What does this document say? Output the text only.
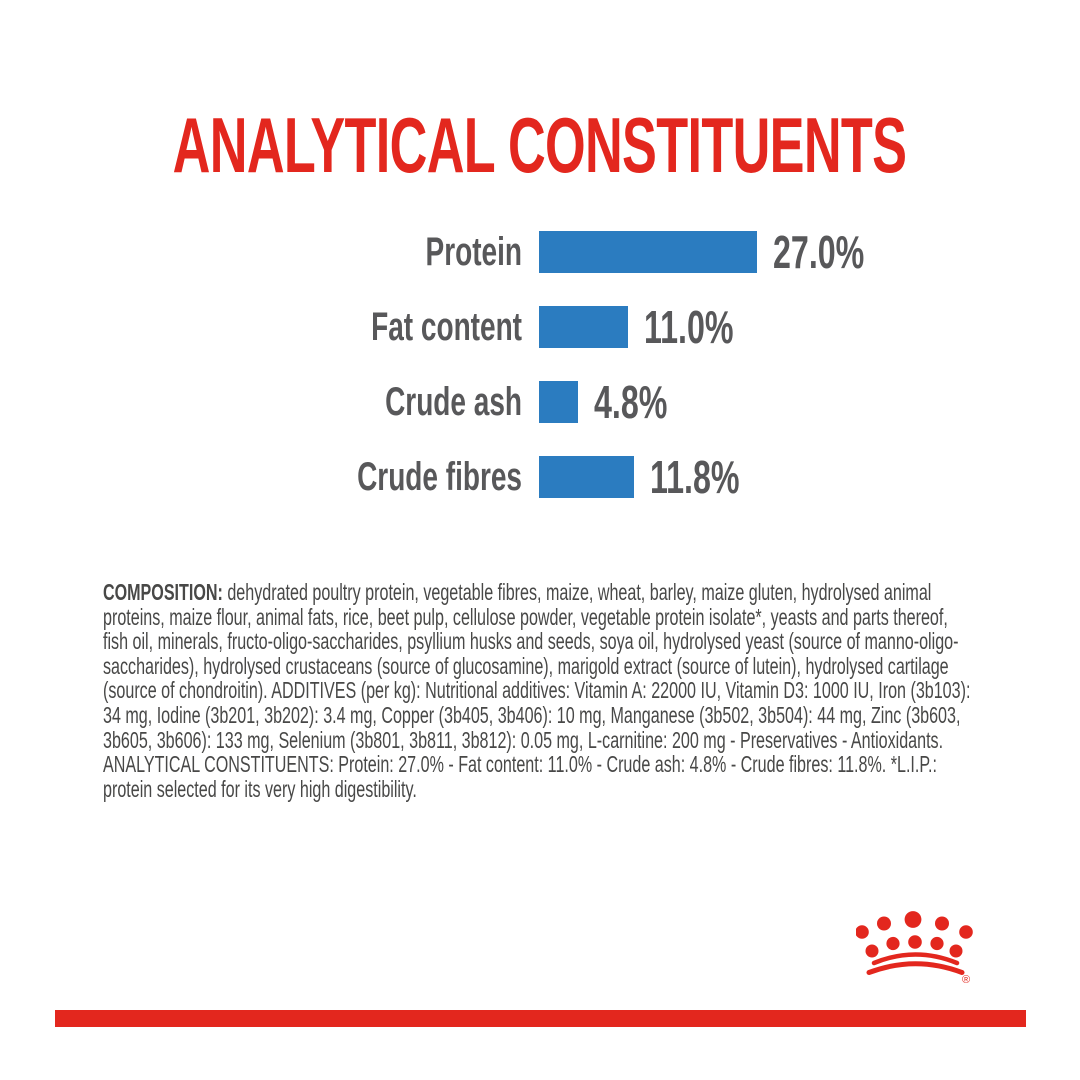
ANALYTICAL CONSTITUENTS
Protein	27.0%
Fat content	11.0%
Crude ash 4.8%
Crude fibres	11.8%

COMPOSITION: dehydrated poultry protein, vegetable fibres, maize, wheat, barley, maize gluten, hydrolysed animal proteins, maize flour, animal fats, rice, beet pulp, cellulose powder, vegetable protein isolate*, yeasts and parts thereof, fish oil, minerals, fructo-oligo-saccharides, psyllium husks and seeds, soya oil, hydrolysed yeast (source of manno-oligo-saccharides), hydrolysed crustaceans (source of glucosamine), marigold extract (source of lutein), hydrolysed cartilage (source of chondroitin). ADDITIVES (per kg): Nutritional additives: Vitamin A: 22000 IU, Vitamin D3: 1000 IU, Iron (3b103): 34 mg, Iodine (3b201, 3b202): 3.4 mg, Copper (3b405, 3b406): 10 mg, Manganese (3b502, 3b504): 44 mg, Zinc (3b603, 3b605, 3b606): 133 mg, Selenium (3b801, 3b811, 3b812): 0.05 mg, L-carnitine: 200 mg - Preservatives - Antioxidants. ANALYTICAL CONSTITUENTS: Protein: 27.0% - Fat content: 11.0% - Crude ash: 4.8% - Crude fibres: 11.8%. *L.I.P.: protein selected for its very high digestibility.

®
